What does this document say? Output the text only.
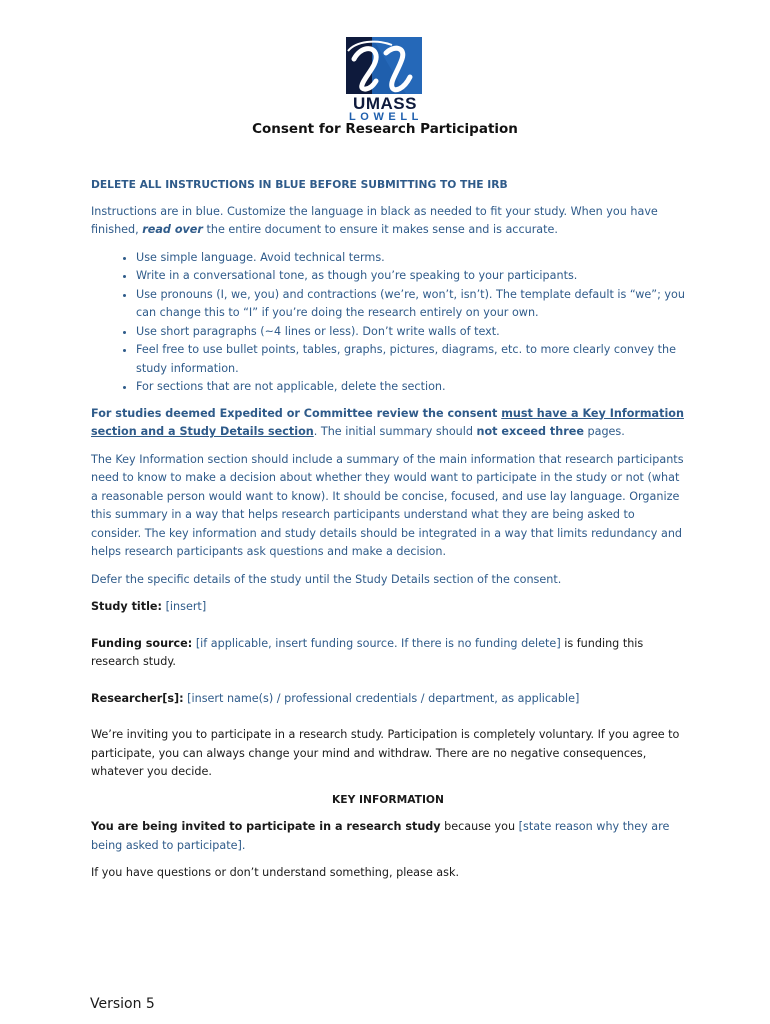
UMASS
LOWELL
Consent for Research Participation

DELETE ALL INSTRUCTIONS IN BLUE BEFORE SUBMITTING TO THE IRB

Instructions are in blue. Customize the language in black as needed to fit your study. When you have finished, read over the entire document to ensure it makes sense and is accurate.

• Use simple language. Avoid technical terms.
• Write in a conversational tone, as though you’re speaking to your participants.
• Use pronouns (I, we, you) and contractions (we’re, won’t, isn’t). The template default is “we”; you can change this to “I” if you’re doing the research entirely on your own.
• Use short paragraphs (~4 lines or less). Don’t write walls of text.
• Feel free to use bullet points, tables, graphs, pictures, diagrams, etc. to more clearly convey the study information.
• For sections that are not applicable, delete the section.

For studies deemed Expedited or Committee review the consent must have a Key Information section and a Study Details section. The initial summary should not exceed three pages.

The Key Information section should include a summary of the main information that research participants need to know to make a decision about whether they would want to participate in the study or not (what a reasonable person would want to know). It should be concise, focused, and use lay language. Organize this summary in a way that helps research participants understand what they are being asked to consider. The key information and study details should be integrated in a way that limits redundancy and helps research participants ask questions and make a decision.

Defer the specific details of the study until the Study Details section of the consent.

Study title: [insert]

Funding source: [if applicable, insert funding source. If there is no funding delete] is funding this research study.

Researcher[s]: [insert name(s) / professional credentials / department, as applicable]

We’re inviting you to participate in a research study. Participation is completely voluntary. If you agree to participate, you can always change your mind and withdraw. There are no negative consequences, whatever you decide.

KEY INFORMATION

You are being invited to participate in a research study because you [state reason why they are being asked to participate].

If you have questions or don’t understand something, please ask.

Version 5
